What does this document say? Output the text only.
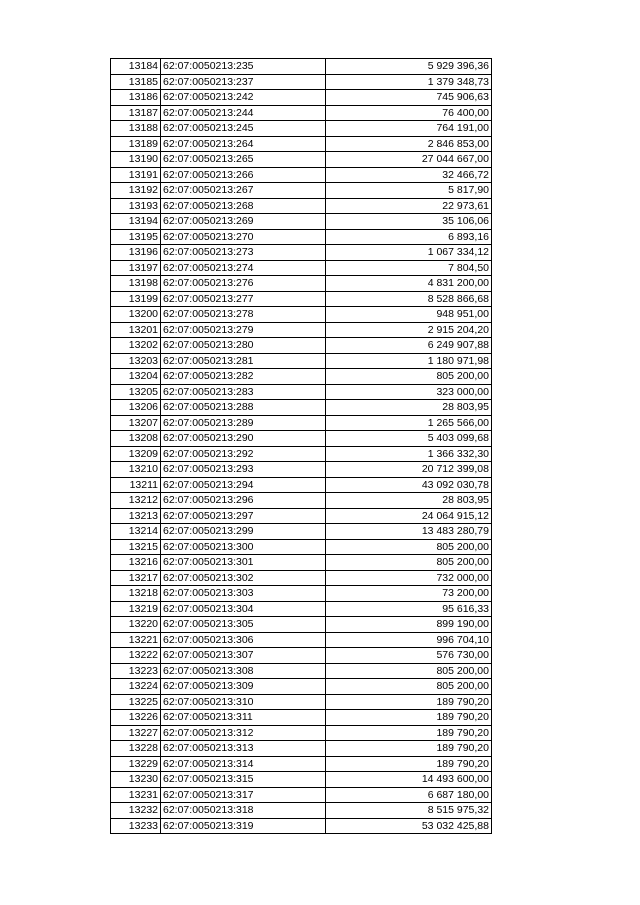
13184	62:07:0050213:235	5 929 396,36
13185	62:07:0050213:237	1 379 348,73
13186	62:07:0050213:242	745 906,63
13187	62:07:0050213:244	76 400,00
13188	62:07:0050213:245	764 191,00
13189	62:07:0050213:264	2 846 853,00
13190	62:07:0050213:265	27 044 667,00
13191	62:07:0050213:266	32 466,72
13192	62:07:0050213:267	5 817,90
13193	62:07:0050213:268	22 973,61
13194	62:07:0050213:269	35 106,06
13195	62:07:0050213:270	6 893,16
13196	62:07:0050213:273	1 067 334,12
13197	62:07:0050213:274	7 804,50
13198	62:07:0050213:276	4 831 200,00
13199	62:07:0050213:277	8 528 866,68
13200	62:07:0050213:278	948 951,00
13201	62:07:0050213:279	2 915 204,20
13202	62:07:0050213:280	6 249 907,88
13203	62:07:0050213:281	1 180 971,98
13204	62:07:0050213:282	805 200,00
13205	62:07:0050213:283	323 000,00
13206	62:07:0050213:288	28 803,95
13207	62:07:0050213:289	1 265 566,00
13208	62:07:0050213:290	5 403 099,68
13209	62:07:0050213:292	1 366 332,30
13210	62:07:0050213:293	20 712 399,08
13211	62:07:0050213:294	43 092 030,78
13212	62:07:0050213:296	28 803,95
13213	62:07:0050213:297	24 064 915,12
13214	62:07:0050213:299	13 483 280,79
13215	62:07:0050213:300	805 200,00
13216	62:07:0050213:301	805 200,00
13217	62:07:0050213:302	732 000,00
13218	62:07:0050213:303	73 200,00
13219	62:07:0050213:304	95 616,33
13220	62:07:0050213:305	899 190,00
13221	62:07:0050213:306	996 704,10
13222	62:07:0050213:307	576 730,00
13223	62:07:0050213:308	805 200,00
13224	62:07:0050213:309	805 200,00
13225	62:07:0050213:310	189 790,20
13226	62:07:0050213:311	189 790,20
13227	62:07:0050213:312	189 790,20
13228	62:07:0050213:313	189 790,20
13229	62:07:0050213:314	189 790,20
13230	62:07:0050213:315	14 493 600,00
13231	62:07:0050213:317	6 687 180,00
13232	62:07:0050213:318	8 515 975,32
13233	62:07:0050213:319	53 032 425,88
